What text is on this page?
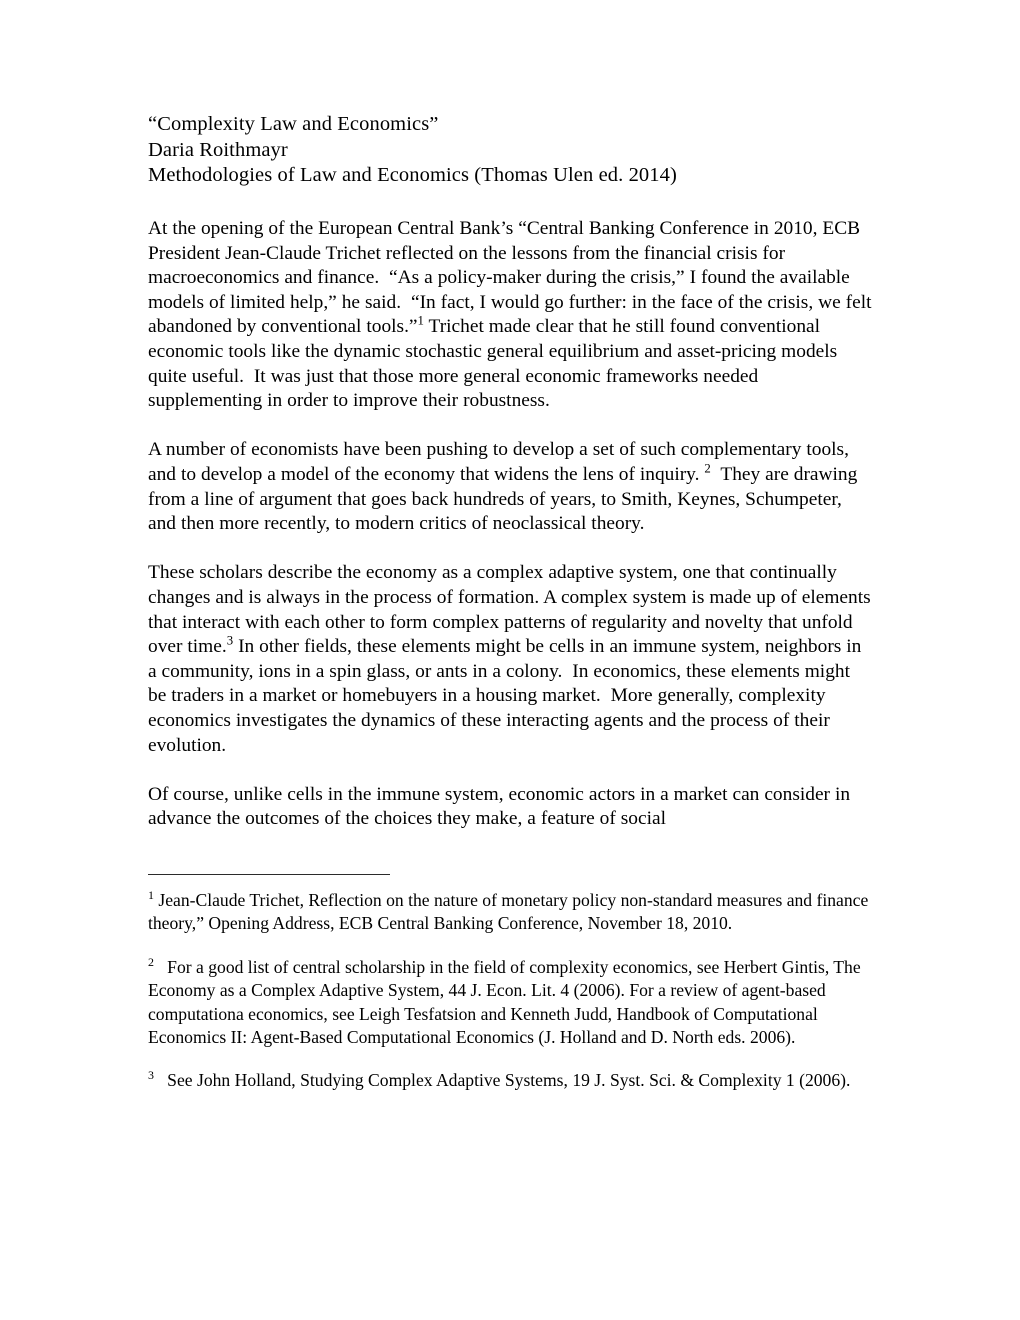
“Complexity Law and Economics”
Daria Roithmayr
Methodologies of Law and Economics (Thomas Ulen ed. 2014)

At the opening of the European Central Bank’s “Central Banking Conference in 2010, ECB President Jean-Claude Trichet reflected on the lessons from the financial crisis for macroeconomics and finance.  “As a policy-maker during the crisis,” I found the available models of limited help,” he said.  “In fact, I would go further: in the face of the crisis, we felt abandoned by conventional tools.”$^1$ Trichet made clear that he still found conventional economic tools like the dynamic stochastic general equilibrium and asset-pricing models quite useful.  It was just that those more general economic frameworks needed supplementing in order to improve their robustness.

A number of economists have been pushing to develop a set of such complementary tools, and to develop a model of the economy that widens the lens of inquiry. $^2$  They are drawing from a line of argument that goes back hundreds of years, to Smith, Keynes, Schumpeter, and then more recently, to modern critics of neoclassical theory.

These scholars describe the economy as a complex adaptive system, one that continually changes and is always in the process of formation. A complex system is made up of elements that interact with each other to form complex patterns of regularity and novelty that unfold over time.$^3$ In other fields, these elements might be cells in an immune system, neighbors in a community, ions in a spin glass, or ants in a colony.  In economics, these elements might be traders in a market or homebuyers in a housing market.  More generally, complexity economics investigates the dynamics of these interacting agents and the process of their evolution.

Of course, unlike cells in the immune system, economic actors in a market can consider in advance the outcomes of the choices they make, a feature of social

$^1$ Jean-Claude Trichet, Reflection on the nature of monetary policy non-standard measures and finance theory,” Opening Address, ECB Central Banking Conference, November 18, 2010.

$^2$   For a good list of central scholarship in the field of complexity economics, see Herbert Gintis, The Economy as a Complex Adaptive System, 44 J. Econ. Lit. 4 (2006). For a review of agent-based computationa economics, see Leigh Tesfatsion and Kenneth Judd, Handbook of Computational Economics II: Agent-Based Computational Economics (J. Holland and D. North eds. 2006).

$^3$   See John Holland, Studying Complex Adaptive Systems, 19 J. Syst. Sci. & Complexity 1 (2006).
